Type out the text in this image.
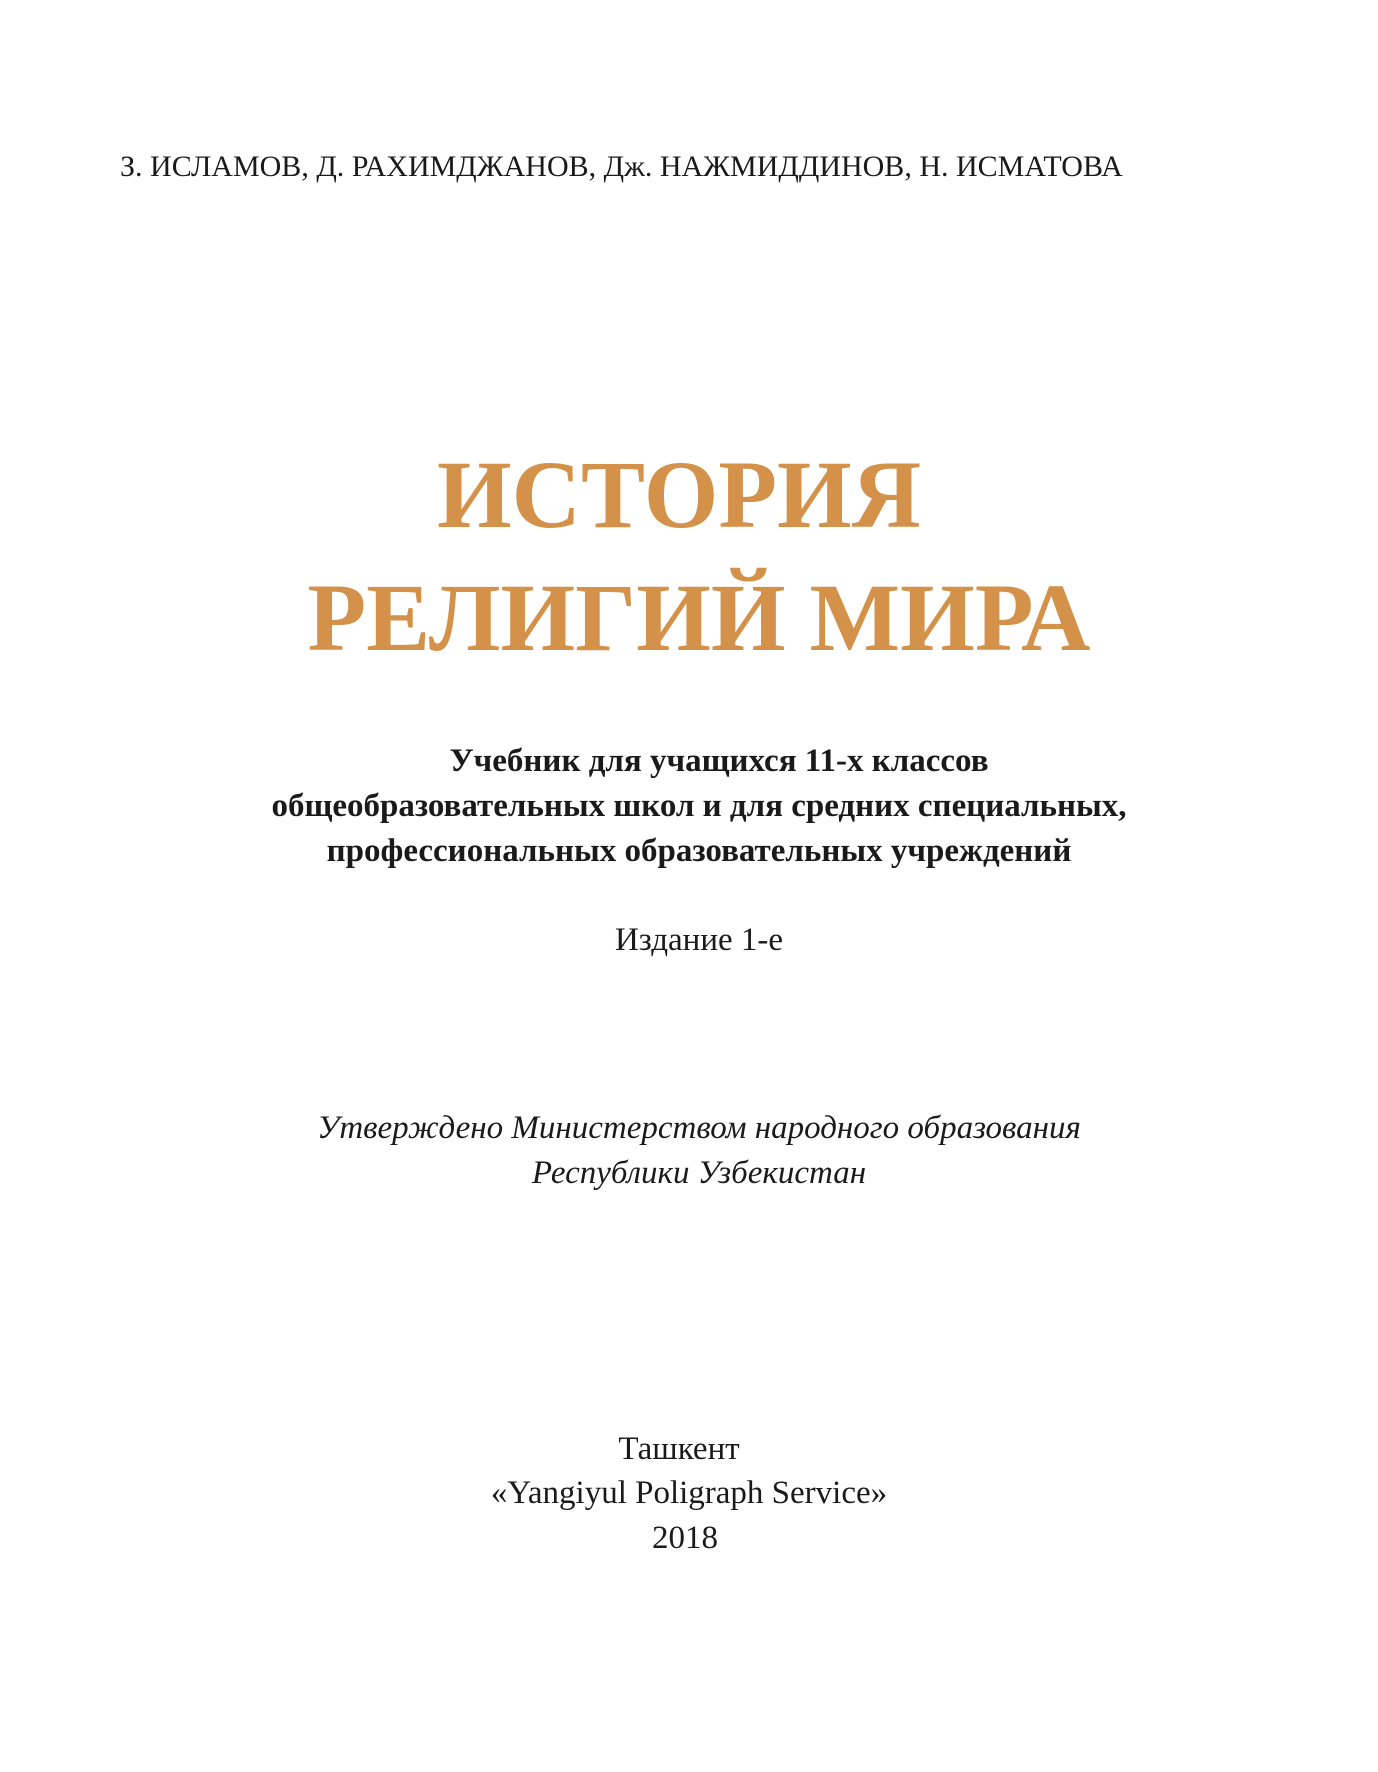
З. ИСЛАМОВ, Д. РАХИМДЖАНОВ, Дж. НАЖМИДДИНОВ, Н. ИСМАТОВА
ИСТОРИЯ
РЕЛИГИЙ МИРА
Учебник для учащихся 11-х классов
общеобразовательных школ и для средних специальных,
профессиональных образовательных учреждений
Издание 1-е
Утверждено Министерством народного образования
Республики Узбекистан
Ташкент
«Yangiyul Poligraph Service»
2018
